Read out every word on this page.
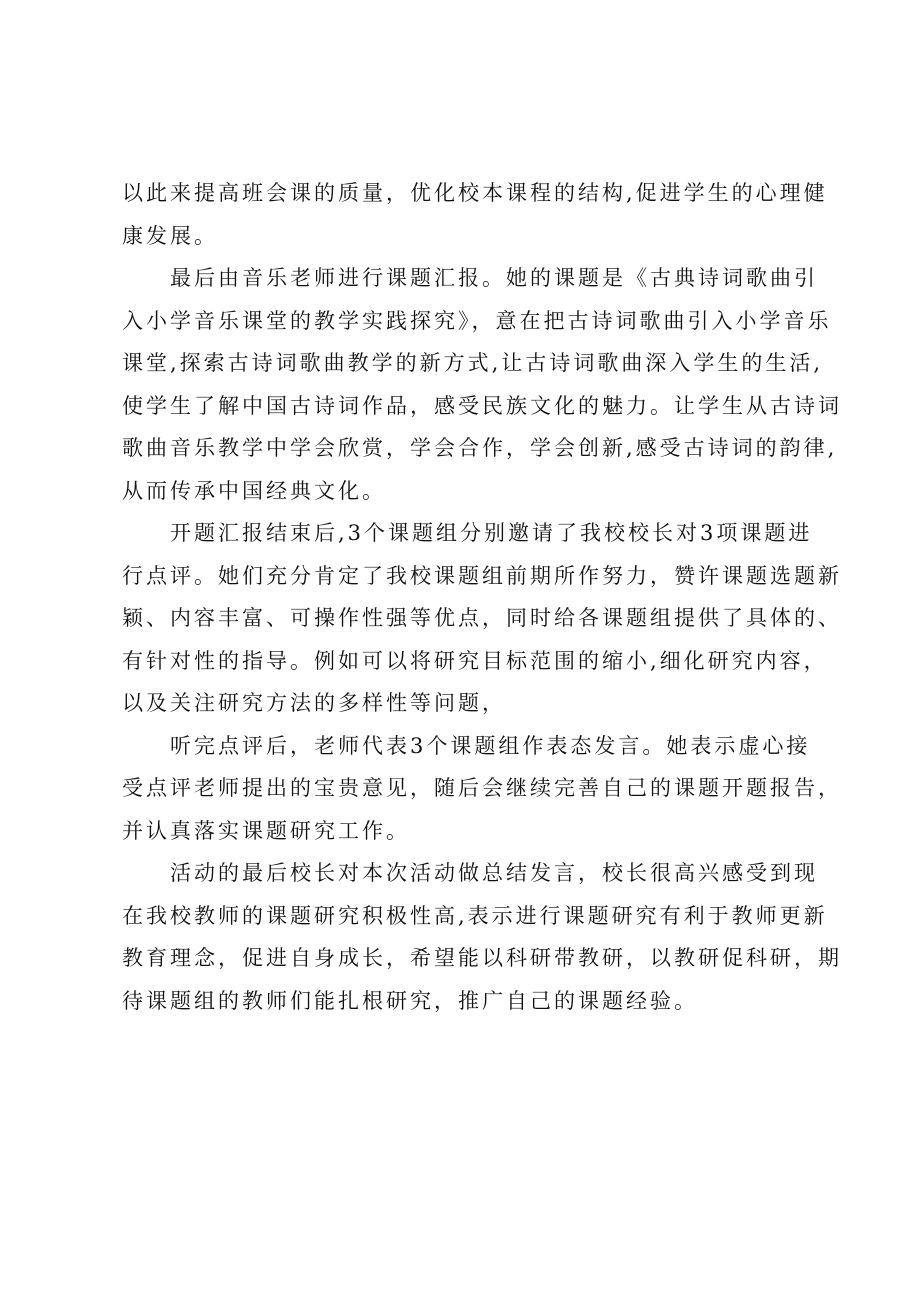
以此来提高班会课的质量，优化校本课程的结构,促进学生的心理健
康发展。
最后由音乐老师进行课题汇报。她的课题是《古典诗词歌曲引
入小学音乐课堂的教学实践探究》，意在把古诗词歌曲引入小学音乐
课堂,探索古诗词歌曲教学的新方式,让古诗词歌曲深入学生的生活,
使学生了解中国古诗词作品，感受民族文化的魅力。让学生从古诗词
歌曲音乐教学中学会欣赏，学会合作，学会创新,感受古诗词的韵律,
从而传承中国经典文化。
开题汇报结束后,3个课题组分别邀请了我校校长对3项课题进
行点评。她们充分肯定了我校课题组前期所作努力，赞许课题选题新
颖、内容丰富、可操作性强等优点，同时给各课题组提供了具体的、
有针对性的指导。例如可以将研究目标范围的缩小,细化研究内容，
以及关注研究方法的多样性等问题，
听完点评后，老师代表3个课题组作表态发言。她表示虚心接
受点评老师提出的宝贵意见，随后会继续完善自己的课题开题报告，
并认真落实课题研究工作。
活动的最后校长对本次活动做总结发言，校长很高兴感受到现
在我校教师的课题研究积极性高,表示进行课题研究有利于教师更新
教育理念，促进自身成长，希望能以科研带教研，以教研促科研，期
待课题组的教师们能扎根研究，推广自己的课题经验。
